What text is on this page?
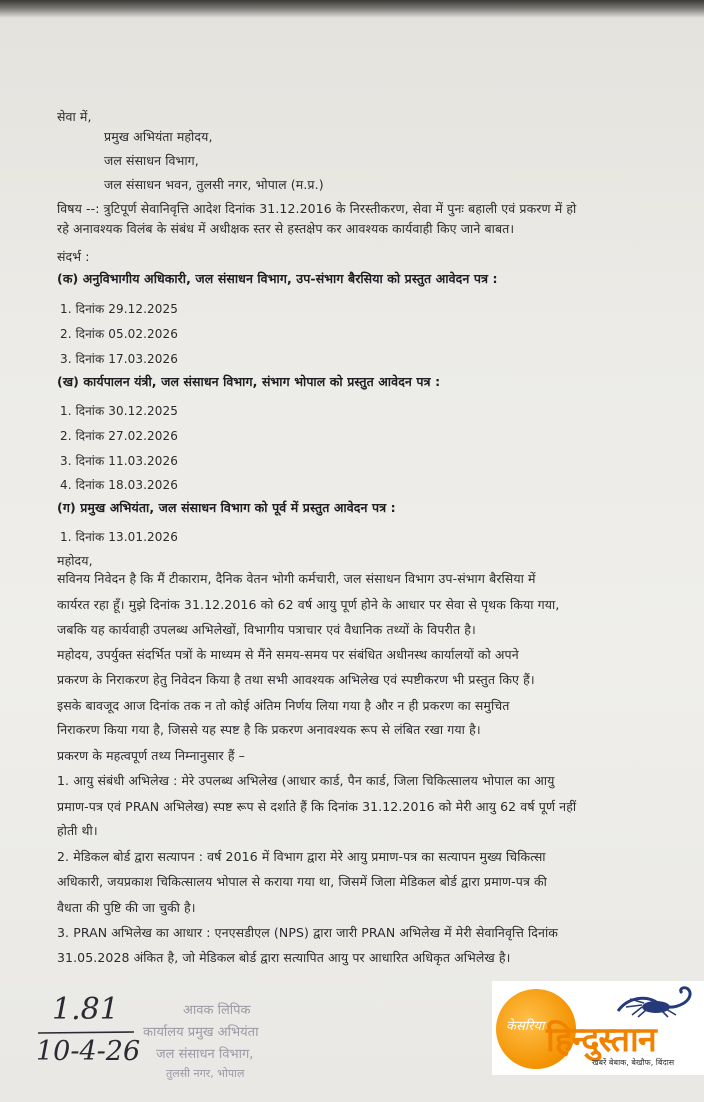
सेवा में,
प्रमुख अभियंता महोदय,
जल संसाधन विभाग,
जल संसाधन भवन, तुलसी नगर, भोपाल (म.प्र.)
विषय --: त्रुटिपूर्ण सेवानिवृत्ति आदेश दिनांक 31.12.2016 के निरस्तीकरण, सेवा में पुनः बहाली एवं प्रकरण में हो
रहे अनावश्यक विलंब के संबंध में अधीक्षक स्तर से हस्तक्षेप कर आवश्यक कार्यवाही किए जाने बाबत।
संदर्भ :
(क) अनुविभागीय अधिकारी, जल संसाधन विभाग, उप-संभाग बैरसिया को प्रस्तुत आवेदन पत्र :
1. दिनांक 29.12.2025
2. दिनांक 05.02.2026
3. दिनांक 17.03.2026
(ख) कार्यपालन यंत्री, जल संसाधन विभाग, संभाग भोपाल को प्रस्तुत आवेदन पत्र :
1. दिनांक 30.12.2025
2. दिनांक 27.02.2026
3. दिनांक 11.03.2026
4. दिनांक 18.03.2026
(ग) प्रमुख अभियंता, जल संसाधन विभाग को पूर्व में प्रस्तुत आवेदन पत्र :
1. दिनांक 13.01.2026
महोदय,
सविनय निवेदन है कि मैं टीकाराम, दैनिक वेतन भोगी कर्मचारी, जल संसाधन विभाग उप-संभाग बैरसिया में
कार्यरत रहा हूँ। मुझे दिनांक 31.12.2016 को 62 वर्ष आयु पूर्ण होने के आधार पर सेवा से पृथक किया गया,
जबकि यह कार्यवाही उपलब्ध अभिलेखों, विभागीय पत्राचार एवं वैधानिक तथ्यों के विपरीत है।
महोदय, उपर्युक्त संदर्भित पत्रों के माध्यम से मैंने समय-समय पर संबंधित अधीनस्थ कार्यालयों को अपने
प्रकरण के निराकरण हेतु निवेदन किया है तथा सभी आवश्यक अभिलेख एवं स्पष्टीकरण भी प्रस्तुत किए हैं।
इसके बावजूद आज दिनांक तक न तो कोई अंतिम निर्णय लिया गया है और न ही प्रकरण का समुचित
निराकरण किया गया है, जिससे यह स्पष्ट है कि प्रकरण अनावश्यक रूप से लंबित रखा गया है।
प्रकरण के महत्वपूर्ण तथ्य निम्नानुसार हैं –
1. आयु संबंधी अभिलेख : मेरे उपलब्ध अभिलेख (आधार कार्ड, पैन कार्ड, जिला चिकित्सालय भोपाल का आयु
प्रमाण-पत्र एवं PRAN अभिलेख) स्पष्ट रूप से दर्शाते हैं कि दिनांक 31.12.2016 को मेरी आयु 62 वर्ष पूर्ण नहीं
होती थी।
2. मेडिकल बोर्ड द्वारा सत्यापन : वर्ष 2016 में विभाग द्वारा मेरे आयु प्रमाण-पत्र का सत्यापन मुख्य चिकित्सा
अधिकारी, जयप्रकाश चिकित्सालय भोपाल से कराया गया था, जिसमें जिला मेडिकल बोर्ड द्वारा प्रमाण-पत्र की
वैधता की पुष्टि की जा चुकी है।
3. PRAN अभिलेख का आधार : एनएसडीएल (NPS) द्वारा जारी PRAN अभिलेख में मेरी सेवानिवृत्ति दिनांक
31.05.2028 अंकित है, जो मेडिकल बोर्ड द्वारा सत्यापित आयु पर आधारित अधिकृत अभिलेख है।
1.81
10-4-26
आवक लिपिक
कार्यालय प्रमुख अभियंता
जल संसाधन विभाग,
तुलसी नगर, भोपाल
केसरिया हिन्दुस्तान
खबरें बेबाक, बेखौफ, बिंदास
